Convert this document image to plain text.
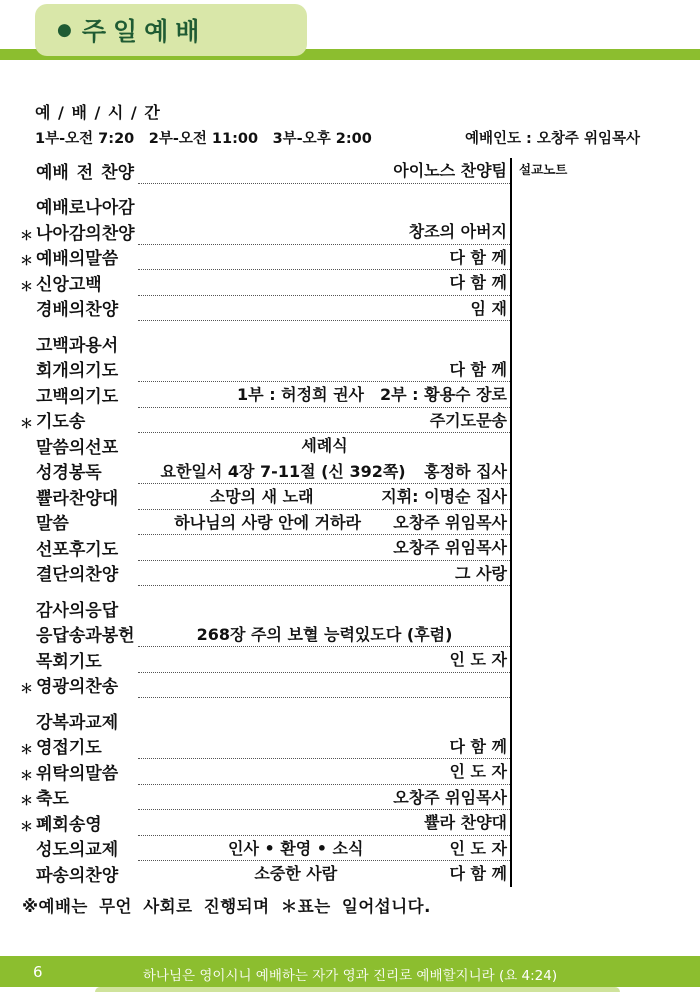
● 주일예배
예 / 배 / 시 / 간
1부-오전 7:20 2부-오전 11:00 3부-오후 2:00	예배인도 : 오창주 위임목사
예배 전 찬양	아이노스 찬양팀
예배로나아감
＊ 나아감의찬양	창조의 아버지
＊ 예배의말씀	다 함 께
＊ 신앙고백	다 함 께
경배의찬양	임 재
고백과용서
회개의기도	다 함 께
고백의기도	1부 : 허정희 권사 2부 : 황용수 장로
＊ 기도송	주기도문송
말씀의선포	세례식
성경봉독	요한일서 4장 7-11절 (신 392쪽)	홍정하 집사
쁄라찬양대	소망의 새 노래	지휘: 이명순 집사
말씀	하나님의 사랑 안에 거하라	오창주 위임목사
선포후기도	오창주 위임목사
결단의찬양	그 사랑
감사의응답
응답송과봉헌	268장 주의 보혈 능력있도다 (후렴)
목회기도	인 도 자
＊ 영광의찬송
강복과교제
＊ 영접기도	다 함 께
＊ 위탁의말씀	인 도 자
＊ 축도	오창주 위임목사
＊ 폐회송영	쁄라 찬양대
성도의교제	인사 • 환영 • 소식	인 도 자
파송의찬양	소중한 사람	다 함 께
설교노트
※예배는 무언 사회로 진행되며 ＊표는 일어섭니다.
하나님은 영이시니 예배하는 자가 영과 진리로 예배할지니라 (요 4:24)
6
